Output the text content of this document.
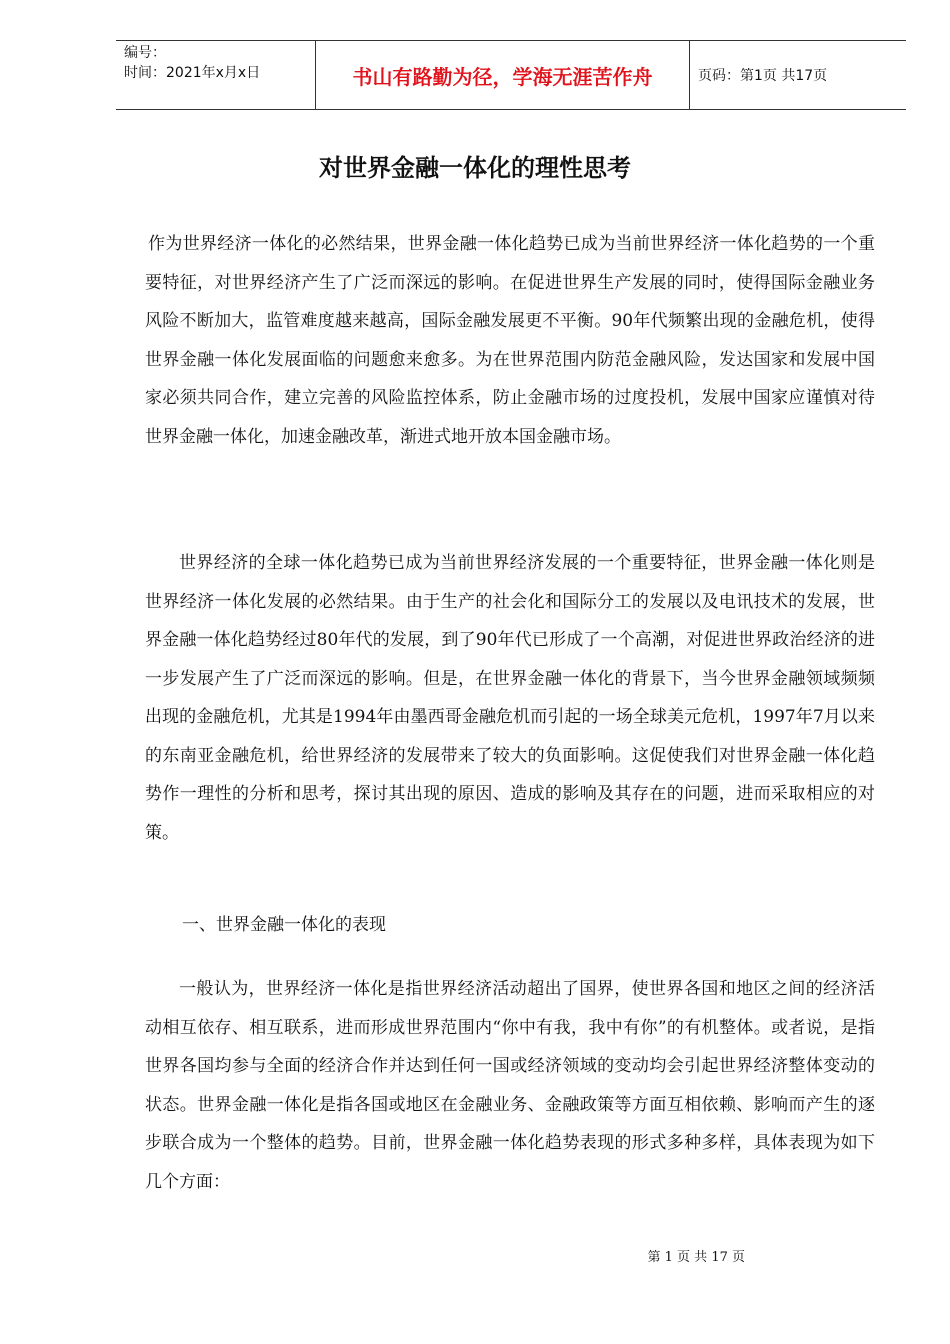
编号：
时间：2021年x月x日	书山有路勤为径，学海无涯苦作舟	页码：第1页 共17页
对世界金融一体化的理性思考
作为世界经济一体化的必然结果，世界金融一体化趋势已成为当前世界经济一体化趋势的一个重要特征，对世界经济产生了广泛而深远的影响。在促进世界生产发展的同时，使得国际金融业务风险不断加大，监管难度越来越高，国际金融发展更不平衡。90年代频繁出现的金融危机，使得世界金融一体化发展面临的问题愈来愈多。为在世界范围内防范金融风险，发达国家和发展中国家必须共同合作，建立完善的风险监控体系，防止金融市场的过度投机，发展中国家应谨慎对待世界金融一体化，加速金融改革，渐进式地开放本国金融市场。
世界经济的全球一体化趋势已成为当前世界经济发展的一个重要特征，世界金融一体化则是世界经济一体化发展的必然结果。由于生产的社会化和国际分工的发展以及电讯技术的发展，世界金融一体化趋势经过80年代的发展，到了90年代已形成了一个高潮，对促进世界政治经济的进一步发展产生了广泛而深远的影响。但是，在世界金融一体化的背景下，当今世界金融领域频频出现的金融危机，尤其是1994年由墨西哥金融危机而引起的一场全球美元危机，1997年7月以来的东南亚金融危机，给世界经济的发展带来了较大的负面影响。这促使我们对世界金融一体化趋势作一理性的分析和思考，探讨其出现的原因、造成的影响及其存在的问题，进而采取相应的对策。
一、世界金融一体化的表现
一般认为，世界经济一体化是指世界经济活动超出了国界，使世界各国和地区之间的经济活动相互依存、相互联系，进而形成世界范围内“你中有我，我中有你”的有机整体。或者说，是指世界各国均参与全面的经济合作并达到任何一国或经济领域的变动均会引起世界经济整体变动的状态。世界金融一体化是指各国或地区在金融业务、金融政策等方面互相依赖、影响而产生的逐步联合成为一个整体的趋势。目前，世界金融一体化趋势表现的形式多种多样，具体表现为如下几个方面：
第 1 页 共 17 页
